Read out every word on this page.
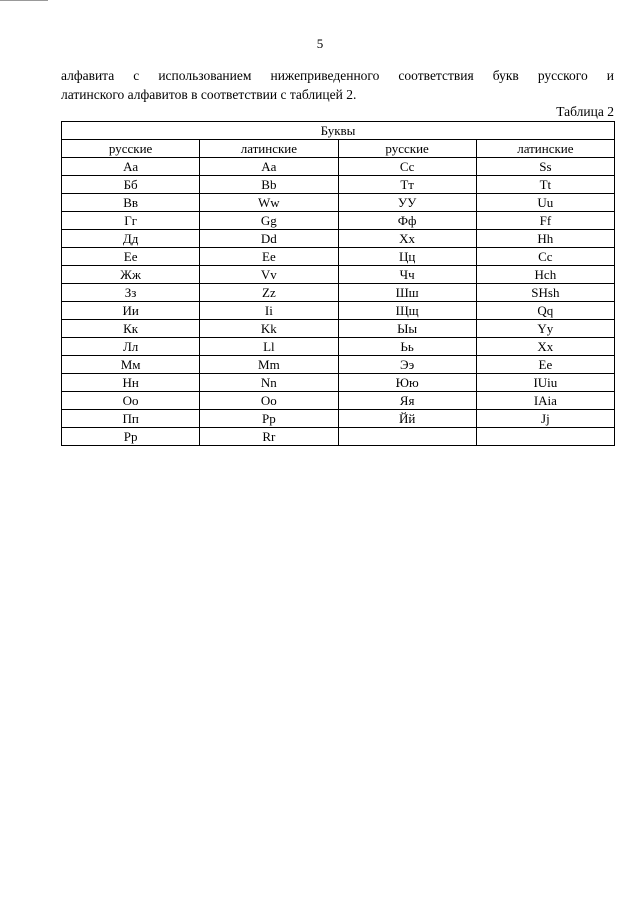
5

алфавита с использованием нижеприведенного соответствия букв русского и
латинского алфавитов в соответствии с таблицей 2.

Таблица 2
Буквы			
русские	латинские	русские	латинские
Аа	Aa	Сс	Ss
Бб	Bb	Тт	Tt
Вв	Ww	УУ	Uu
Гг	Gg	Фф	Ff
Дд	Dd	Хх	Hh
Ее	Ee	Цц	Cc
Жж	Vv	Чч	Hch
Зз	Zz	Шш	SHsh
Ии	Ii	Щщ	Qq
Кк	Kk	Ыы	Yy
Лл	Ll	Ьь	Xx
Мм	Mm	Ээ	Ee
Нн	Nn	Юю	IUiu
Оо	Oo	Яя	IAia
Пп	Pp	Йй	Jj
Рр	Rr		
